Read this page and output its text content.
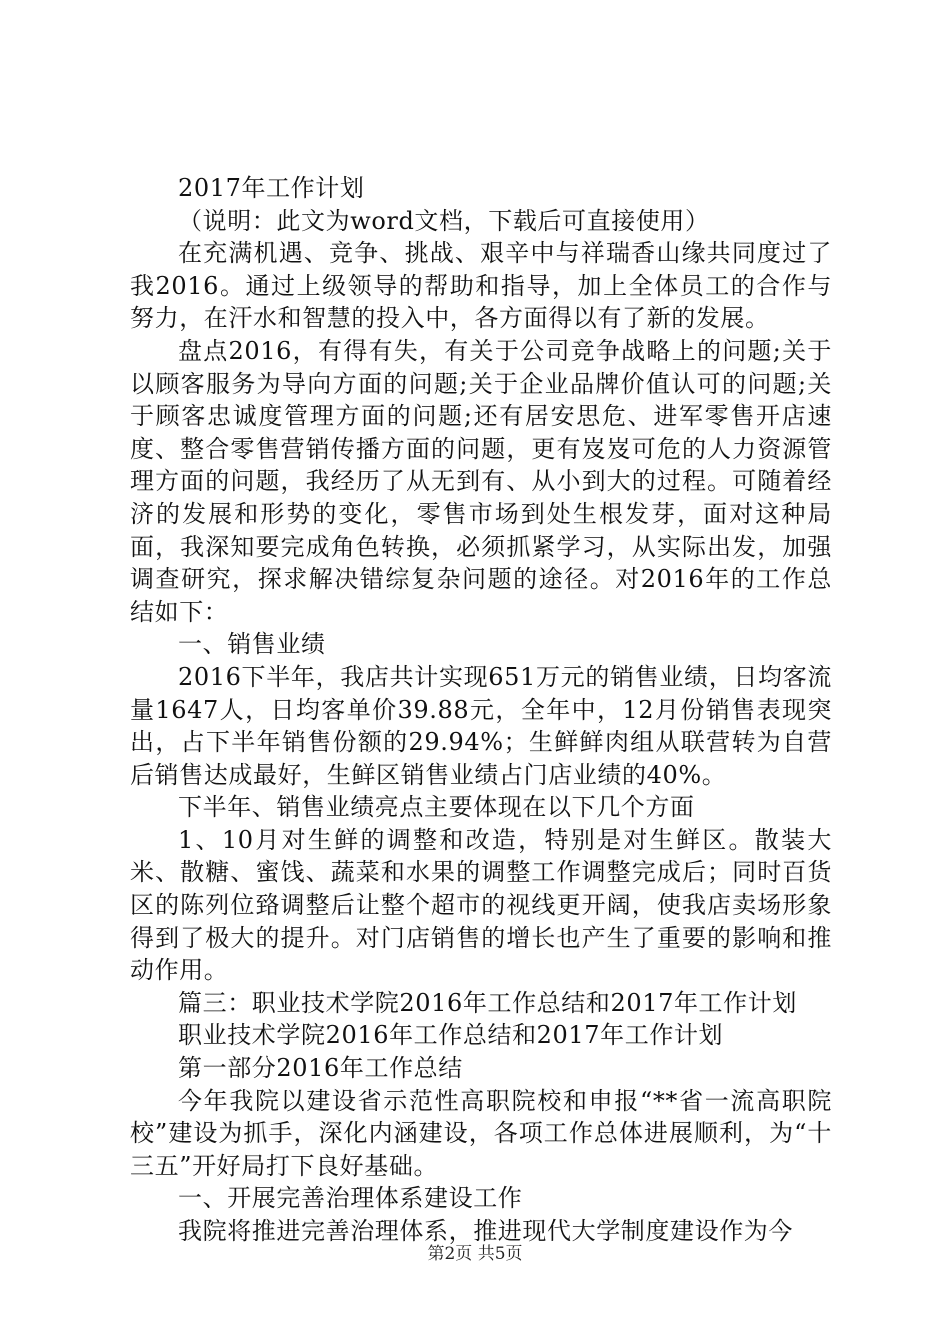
2017年工作计划

（说明：此文为word文档，下载后可直接使用）

在充满机遇、竞争、挑战、艰辛中与祥瑞香山缘共同度过了我2016。通过上级领导的帮助和指导，加上全体员工的合作与努力，在汗水和智慧的投入中，各方面得以有了新的发展。

盘点2016，有得有失，有关于公司竞争战略上的问题;关于以顾客服务为导向方面的问题;关于企业品牌价值认可的问题;关于顾客忠诚度管理方面的问题;还有居安思危、进军零售开店速度、整合零售营销传播方面的问题，更有岌岌可危的人力资源管理方面的问题，我经历了从无到有、从小到大的过程。可随着经济的发展和形势的变化，零售市场到处生根发芽，面对这种局面，我深知要完成角色转换，必须抓紧学习，从实际出发，加强调查研究，探求解决错综复杂问题的途径。对2016年的工作总结如下：

一、销售业绩

2016下半年，我店共计实现651万元的销售业绩，日均客流量1647人，日均客单价39.88元，全年中，12月份销售表现突出，占下半年销售份额的29.94%；生鲜鲜肉组从联营转为自营后销售达成最好，生鲜区销售业绩占门店业绩的40%。

下半年、销售业绩亮点主要体现在以下几个方面

1、10月对生鲜的调整和改造，特别是对生鲜区。散装大米、散糖、蜜饯、蔬菜和水果的调整工作调整完成后；同时百货区的陈列位臵调整后让整个超市的视线更开阔，使我店卖场形象得到了极大的提升。对门店销售的增长也产生了重要的影响和推动作用。

篇三：职业技术学院2016年工作总结和2017年工作计划

职业技术学院2016年工作总结和2017年工作计划

第一部分2016年工作总结

今年我院以建设省示范性高职院校和申报“**省一流高职院校”建设为抓手，深化内涵建设，各项工作总体进展顺利，为“十三五”开好局打下良好基础。

一、开展完善治理体系建设工作

我院将推进完善治理体系，推进现代大学制度建设作为今

第2页 共5页
